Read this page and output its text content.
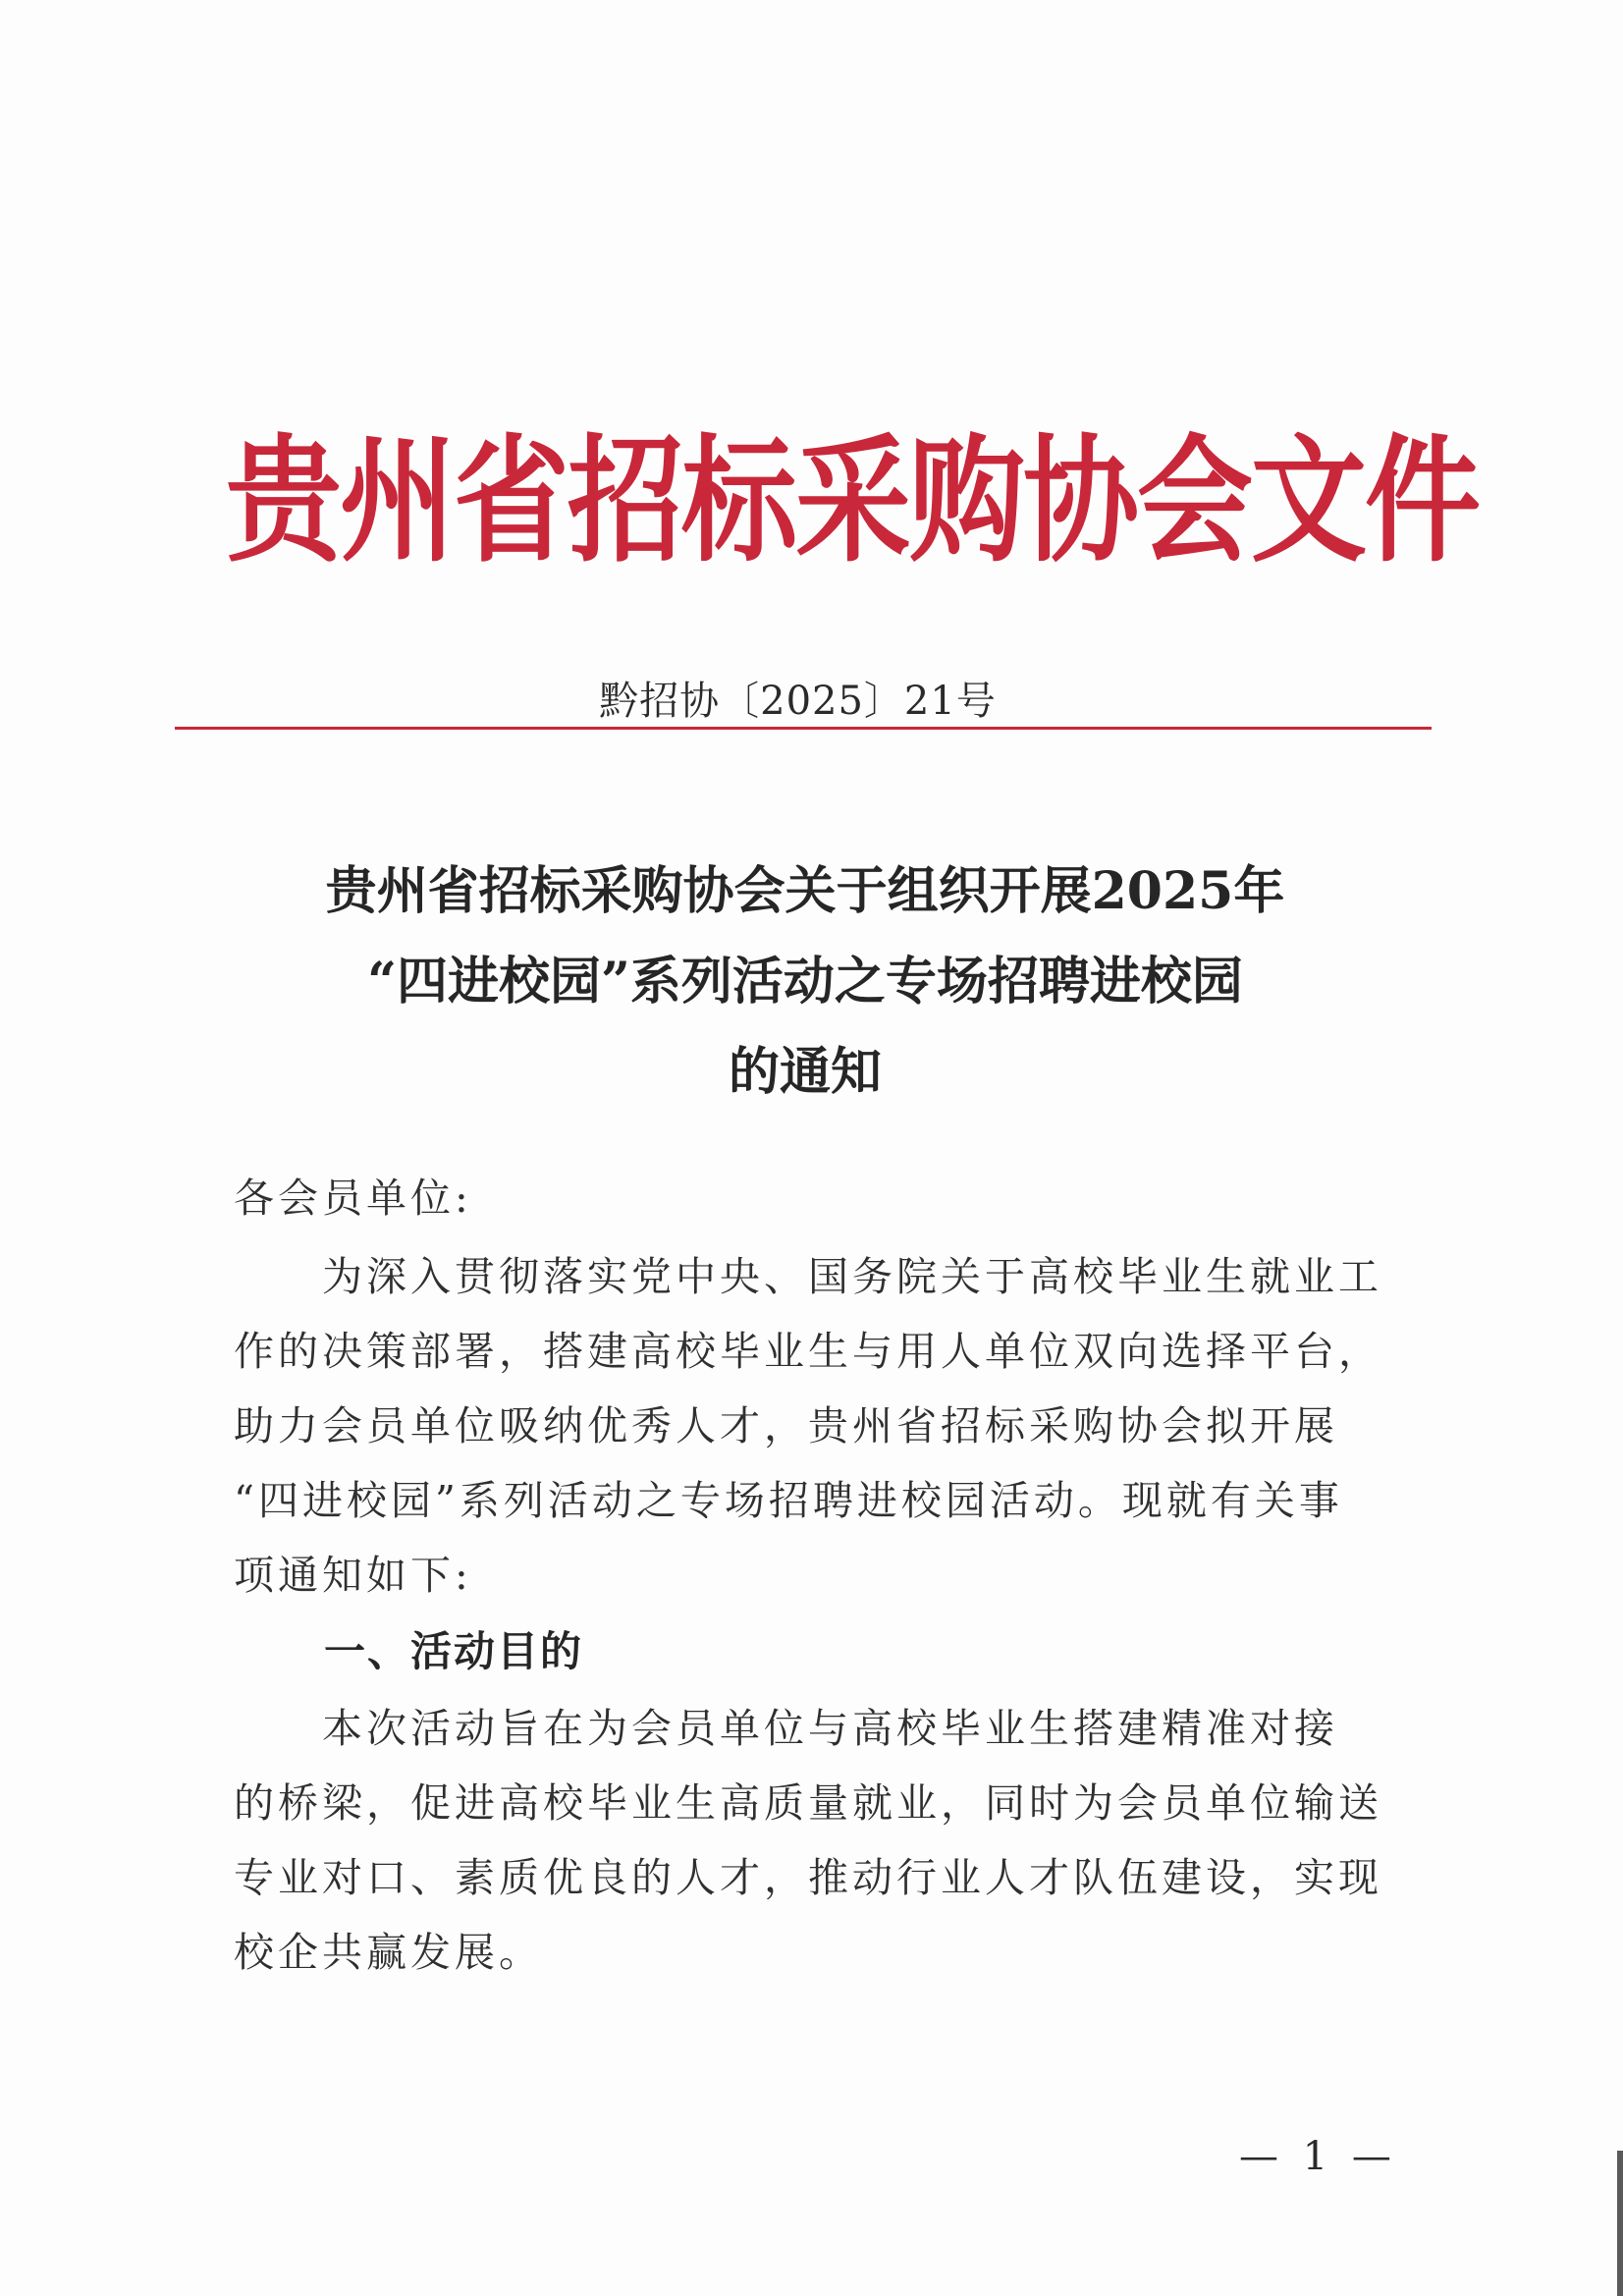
贵州省招标采购协会文件
黔招协〔2025〕21号
贵州省招标采购协会关于组织开展2025年
“四进校园”系列活动之专场招聘进校园
的通知
各会员单位:
为深入贯彻落实党中央、国务院关于高校毕业生就业工
作的决策部署，搭建高校毕业生与用人单位双向选择平台，
助力会员单位吸纳优秀人才，贵州省招标采购协会拟开展
“四进校园”系列活动之专场招聘进校园活动。现就有关事
项通知如下:
一、活动目的
本次活动旨在为会员单位与高校毕业生搭建精准对接
的桥梁，促进高校毕业生高质量就业，同时为会员单位输送
专业对口、素质优良的人才，推动行业人才队伍建设，实现
校企共赢发展。
— 1 —
